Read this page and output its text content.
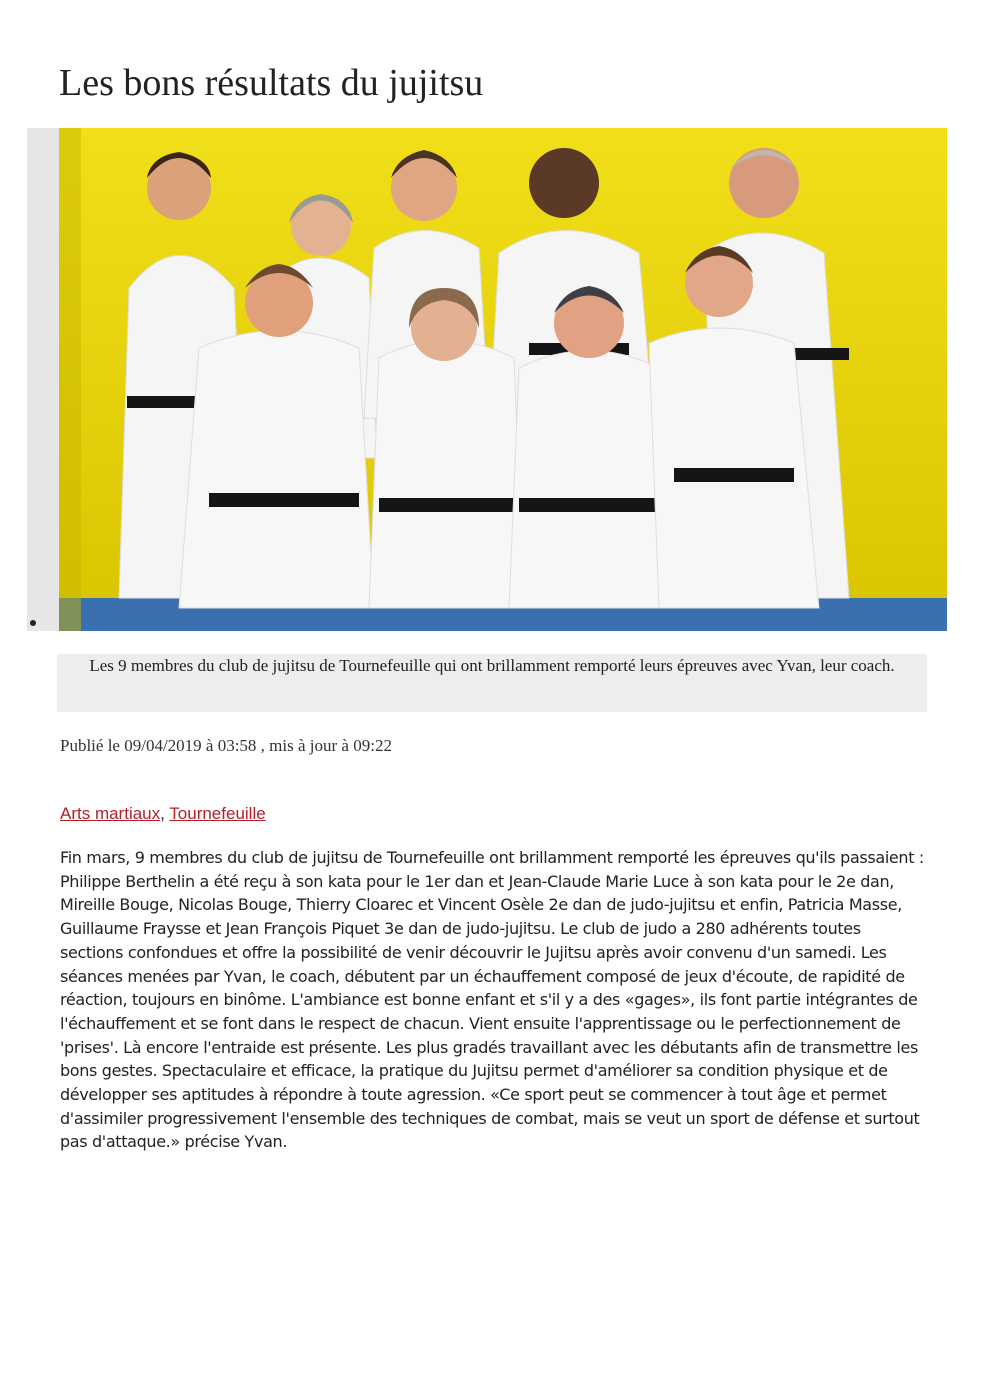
Les bons résultats du jujitsu
Les 9 membres du club de jujitsu de Tournefeuille qui ont brillamment remporté leurs épreuves avec Yvan, leur coach.

Publié le 09/04/2019 à 03:58 , mis à jour à 09:22

Arts martiaux, Tournefeuille

Fin mars, 9 membres du club de jujitsu de Tournefeuille ont brillamment remporté les épreuves qu'ils passaient : Philippe Berthelin a été reçu à son kata pour le 1er dan et Jean-Claude Marie Luce à son kata pour le 2e dan, Mireille Bouge, Nicolas Bouge, Thierry Cloarec et Vincent Osèle 2e dan de judo-jujitsu et enfin, Patricia Masse, Guillaume Fraysse et Jean François Piquet 3e dan de judo-jujitsu. Le club de judo a 280 adhérents toutes sections confondues et offre la possibilité de venir découvrir le Jujitsu après avoir convenu d'un samedi. Les séances menées par Yvan, le coach, débutent par un échauffement composé de jeux d'écoute, de rapidité de réaction, toujours en binôme. L'ambiance est bonne enfant et s'il y a des «gages», ils font partie intégrantes de l'échauffement et se font dans le respect de chacun. Vient ensuite l'apprentissage ou le perfectionnement de 'prises'. Là encore l'entraide est présente. Les plus gradés travaillant avec les débutants afin de transmettre les bons gestes. Spectaculaire et efficace, la pratique du Jujitsu permet d'améliorer sa condition physique et de développer ses aptitudes à répondre à toute agression. «Ce sport peut se commencer à tout âge et permet d'assimiler progressivement l'ensemble des techniques de combat, mais se veut un sport de défense et surtout pas d'attaque.» précise Yvan.
